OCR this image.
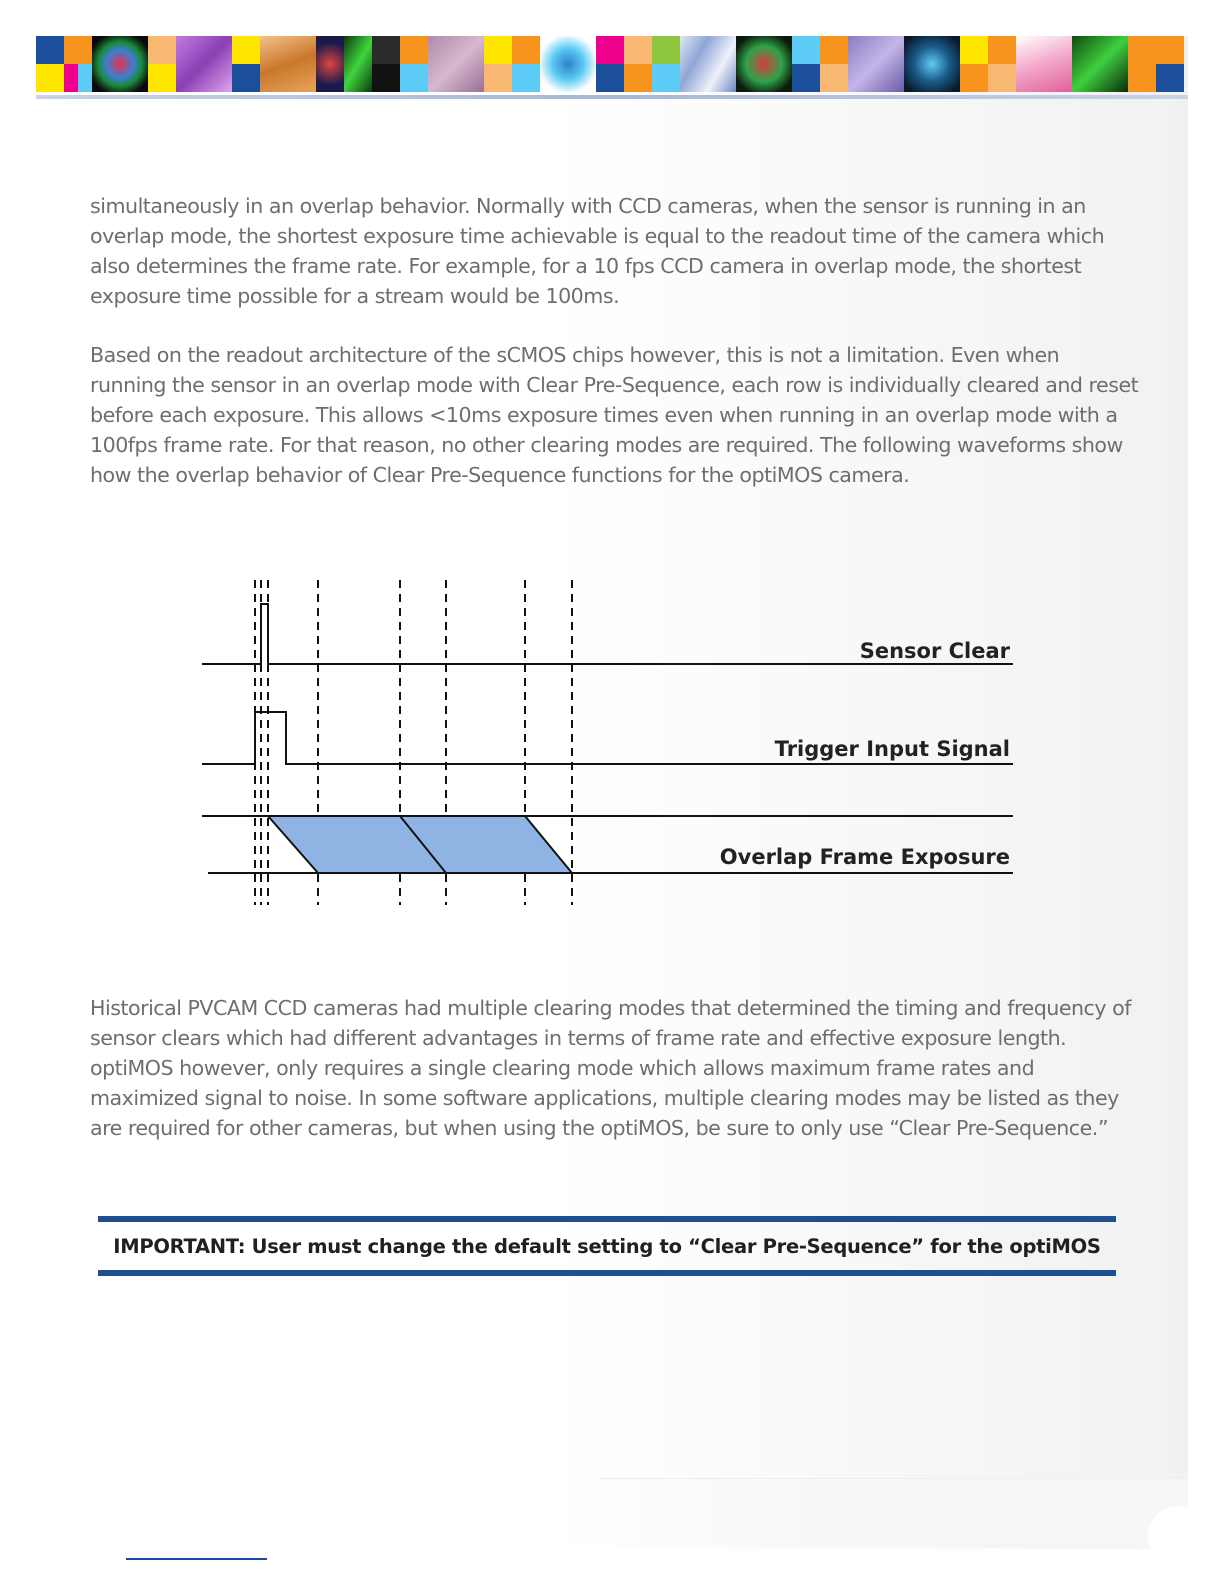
simultaneously in an overlap behavior. Normally with CCD cameras, when the sensor is running in an overlap mode, the shortest exposure time achievable is equal to the readout time of the camera which also determines the frame rate. For example, for a 10 fps CCD camera in overlap mode, the shortest exposure time possible for a stream would be 100ms.

Based on the readout architecture of the sCMOS chips however, this is not a limitation. Even when running the sensor in an overlap mode with Clear Pre-Sequence, each row is individually cleared and reset before each exposure. This allows <10ms exposure times even when running in an overlap mode with a 100fps frame rate. For that reason, no other clearing modes are required. The following waveforms show how the overlap behavior of Clear Pre-Sequence functions for the optiMOS camera.

Sensor Clear
Trigger Input Signal
Overlap Frame Exposure

Historical PVCAM CCD cameras had multiple clearing modes that determined the timing and frequency of sensor clears which had different advantages in terms of frame rate and effective exposure length. optiMOS however, only requires a single clearing mode which allows maximum frame rates and maximized signal to noise. In some software applications, multiple clearing modes may be listed as they are required for other cameras, but when using the optiMOS, be sure to only use “Clear Pre-Sequence.”

IMPORTANT: User must change the default setting to “Clear Pre-Sequence” for the optiMOS
